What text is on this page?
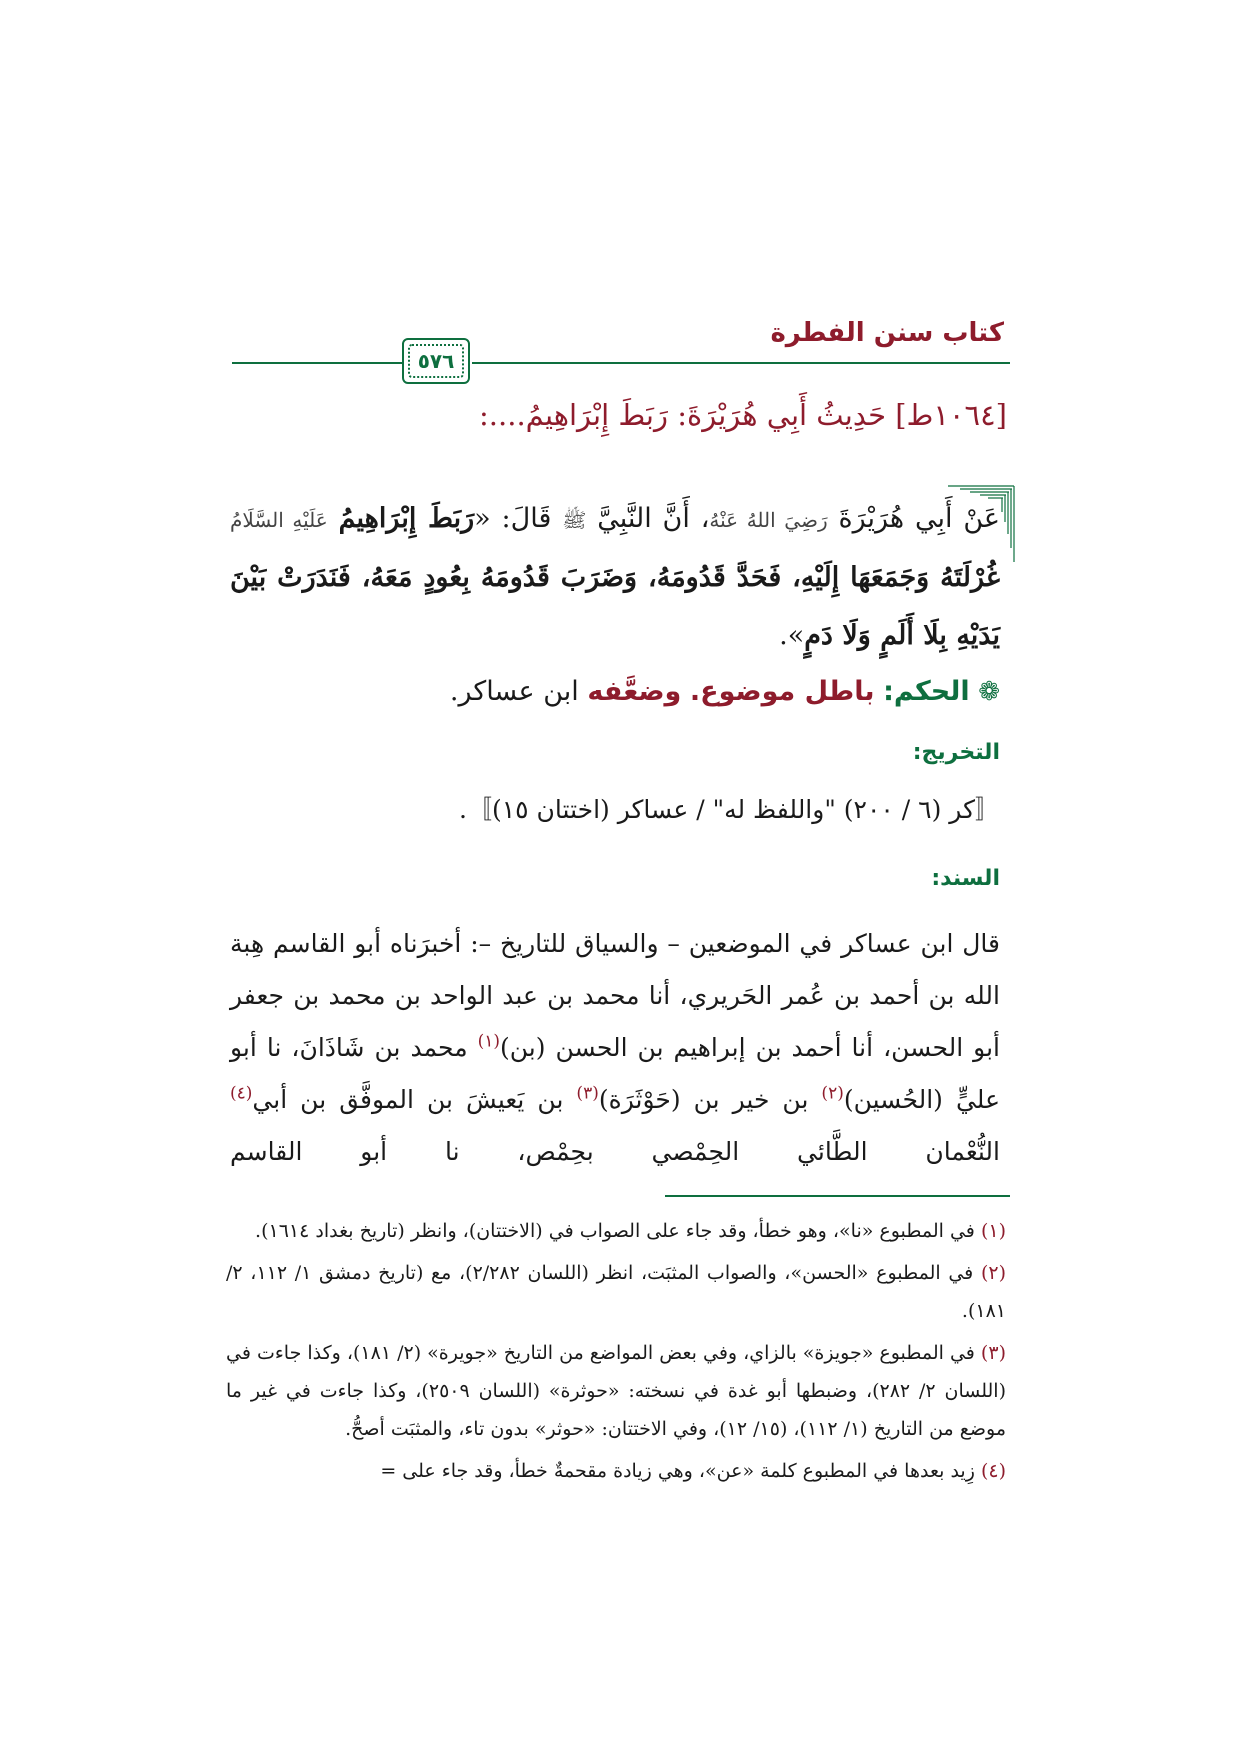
كتاب سنن الفطرة
٥٧٦
[١٠٦٤ط] حَدِيثُ أَبِي هُرَيْرَةَ: رَبَطَ إِبْرَاهِيمُ....:
عَنْ أَبِي هُرَيْرَةَ رَضِيَ اللهُ عَنْهُ، أَنَّ النَّبِيَّ ﷺ قَالَ: «رَبَطَ إِبْرَاهِيمُ عَلَيْهِ السَّلَامُ غُرْلَتَهُ وَجَمَعَهَا إِلَيْهِ، فَحَدَّ قَدُومَهُ، وَضَرَبَ قَدُومَهُ بِعُودٍ مَعَهُ، فَنَدَرَتْ بَيْنَ يَدَيْهِ بِلَا أَلَمٍ وَلَا دَمٍ».
❁ الحكم: باطل موضوع. وضعَّفه ابن عساكر.
التخريج:
〚كر (٦ / ٢٠٠) "واللفظ له" / عساكر (اختتان ١٥)〛.
السند:
قال ابن عساكر في الموضعين – والسياق للتاريخ –: أخبرَناه أبو القاسم هِبة الله بن أحمد بن عُمر الحَريري، أنا محمد بن عبد الواحد بن محمد بن جعفر أبو الحسن، أنا أحمد بن إبراهيم بن الحسن (بن)$^{(١)}$ محمد بن شَاذَانَ، نا أبو عليٍّ (الحُسين)$^{(٢)}$ بن خير بن (حَوْثَرَة)$^{(٣)}$ بن يَعيشَ بن الموفَّق بن أبي$^{(٤)}$ النُّعْمان الطَّائي الحِمْصي بحِمْص، نا أبو القاسم

(١) في المطبوع «نا»، وهو خطأ، وقد جاء على الصواب في (الاختتان)، وانظر (تاريخ بغداد ١٦١٤).

(٢) في المطبوع «الحسن»، والصواب المثبَت، انظر (اللسان ٢/٢٨٢)، مع (تاريخ دمشق ١/ ١١٢، ٢/ ١٨١).

(٣) في المطبوع «جويزة» بالزاي، وفي بعض المواضع من التاريخ «جويرة» (٢/ ١٨١)، وكذا جاءت في (اللسان ٢/ ٢٨٢)، وضبطها أبو غدة في نسخته: «حوثرة» (اللسان ٢٥٠٩)، وكذا جاءت في غير ما موضع من التاريخ (١/ ١١٢)، (١٥/ ١٢)، وفي الاختتان: «حوثر» بدون تاء، والمثبَت أصحُّ.

(٤) زِيد بعدها في المطبوع كلمة «عن»، وهي زيادة مقحمةٌ خطأ، وقد جاء على =
